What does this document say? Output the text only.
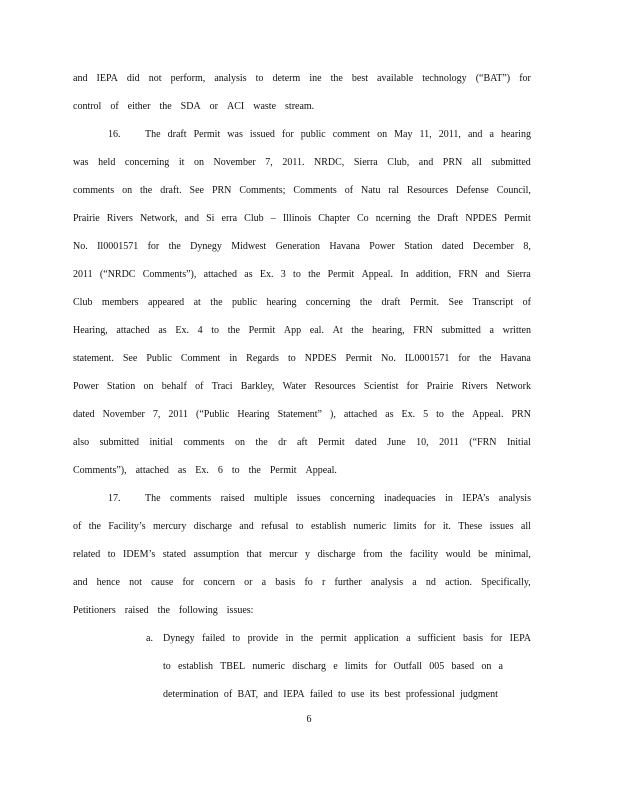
and IEPA did not perform, analysis to determ ine the best available technology (“BAT”) for
control of either the SDA or ACI waste stream.
16. The draft Permit was issued for public comment on May 11, 2011, and a hearing
was held concerning it on November 7, 2011. NRDC, Sierra Club, and PRN all submitted
comments on the draft. See PRN Comments; Comments of Natu ral Resources Defense Council,
Prairie Rivers Network, and Si erra Club – Illinois Chapter Co ncerning the Draft NPDES Permit
No. Il0001571 for the Dynegy Midwest Generation Havana Power Station dated December 8,
2011 (“NRDC Comments”), attached as Ex. 3 to the Permit Appeal. In addition, FRN and Sierra
Club members appeared at the public hearing concerning the draft Permit. See Transcript of
Hearing, attached as Ex. 4 to the Permit App eal. At the hearing, FRN submitted a written
statement. See Public Comment in Regards to NPDES Permit No. IL0001571 for the Havana
Power Station on behalf of Traci Barkley, Water Resources Scientist for Prairie Rivers Network
dated November 7, 2011 (“Public Hearing Statement” ), attached as Ex. 5 to the Appeal. PRN
also submitted initial comments on the dr aft Permit dated June 10, 2011 (“FRN Initial
Comments”), attached as Ex. 6 to the Permit Appeal.
17. The comments raised multiple issues concerning inadequacies in IEPA’s analysis
of the Facility’s mercury discharge and refusal to establish numeric limits for it. These issues all
related to IDEM’s stated assumption that mercur y discharge from the facility would be minimal,
and hence not cause for concern or a basis fo r further analysis a nd action. Specifically,
Petitioners raised the following issues:
a. Dynegy failed to provide in the permit application a sufficient basis for IEPA
to establish TBEL numeric discharg e limits for Outfall 005 based on a
determination of BAT, and IEPA failed to use its best professional judgment
6
